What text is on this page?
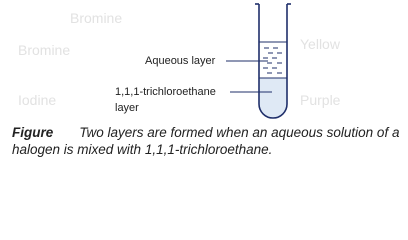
Bromine
Yellow
Bromine
Iodine	Purple
Aqueous layer
1,1,1-trichloroethane
layer
Figure Two layers are formed when an aqueous solution of a halogen is mixed with 1,1,1-trichloroethane.
